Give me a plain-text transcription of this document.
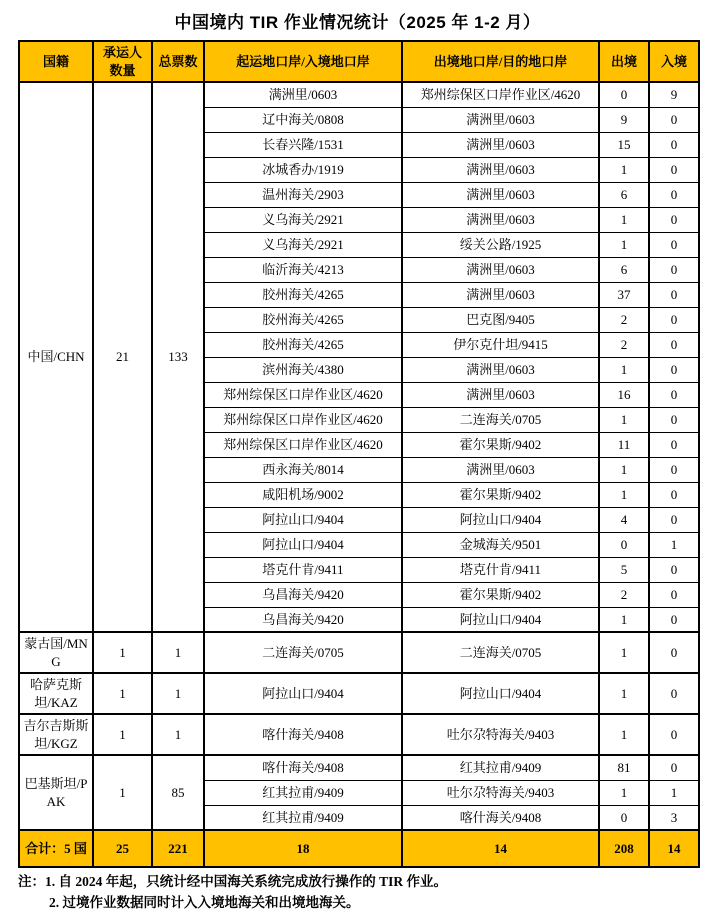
中国境内 TIR 作业情况统计（2025 年 1-2 月）
国籍	承运人数量	总票数	起运地口岸/入境地口岸	出境地口岸/目的地口岸	出境	入境
中国/CHN	21	133	满洲里/0603	郑州综保区口岸作业区/4620	0	9
			辽中海关/0808	满洲里/0603	9	0
			长春兴隆/1531	满洲里/0603	15	0
			冰城香办/1919	满洲里/0603	1	0
			温州海关/2903	满洲里/0603	6	0
			义乌海关/2921	满洲里/0603	1	0
			义乌海关/2921	绥关公路/1925	1	0
			临沂海关/4213	满洲里/0603	6	0
			胶州海关/4265	满洲里/0603	37	0
			胶州海关/4265	巴克图/9405	2	0
			胶州海关/4265	伊尔克什坦/9415	2	0
			滨州海关/4380	满洲里/0603	1	0
			郑州综保区口岸作业区/4620	满洲里/0603	16	0
			郑州综保区口岸作业区/4620	二连海关/0705	1	0
			郑州综保区口岸作业区/4620	霍尔果斯/9402	11	0
			西永海关/8014	满洲里/0603	1	0
			咸阳机场/9002	霍尔果斯/9402	1	0
			阿拉山口/9404	阿拉山口/9404	4	0
			阿拉山口/9404	金城海关/9501	0	1
			塔克什肯/9411	塔克什肯/9411	5	0
			乌昌海关/9420	霍尔果斯/9402	2	0
			乌昌海关/9420	阿拉山口/9404	1	0
蒙古国/MNG	1	1	二连海关/0705	二连海关/0705	1	0
哈萨克斯坦/KAZ	1	1	阿拉山口/9404	阿拉山口/9404	1	0
吉尔吉斯斯坦/KGZ	1	1	喀什海关/9408	吐尔尕特海关/9403	1	0
巴基斯坦/PAK	1	85	喀什海关/9408	红其拉甫/9409	81	0
			红其拉甫/9409	吐尔尕特海关/9403	1	1
			红其拉甫/9409	喀什海关/9408	0	3
合计：5 国	25	221	18	14	208	14
注：1. 自 2024 年起，只统计经中国海关系统完成放行操作的 TIR 作业。
2. 过境作业数据同时计入入境地海关和出境地海关。
